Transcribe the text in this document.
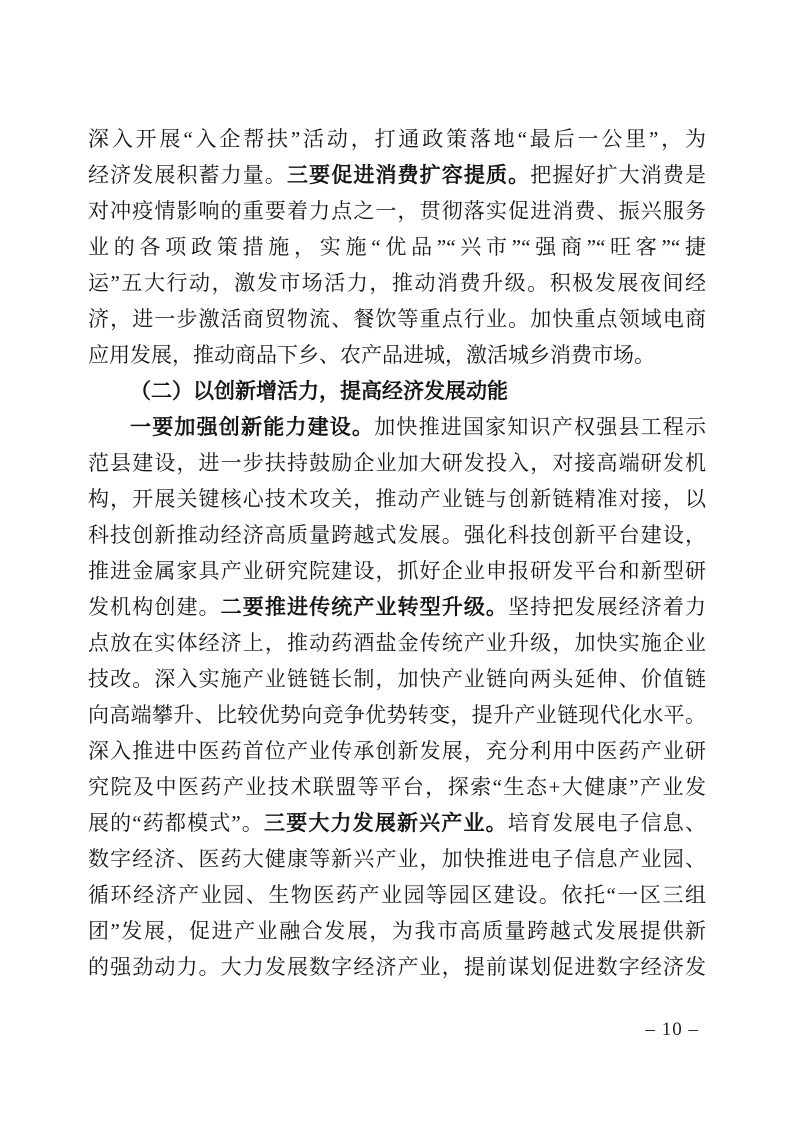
深入开展“入企帮扶”活动，打通政策落地“最后一公里”，为
经济发展积蓄力量。三要促进消费扩容提质。把握好扩大消费是
对冲疫情影响的重要着力点之一，贯彻落实促进消费、振兴服务
业的各项政策措施，实施“优品”“兴市”“强商”“旺客”“捷
运”五大行动，激发市场活力，推动消费升级。积极发展夜间经
济，进一步激活商贸物流、餐饮等重点行业。加快重点领域电商
应用发展，推动商品下乡、农产品进城，激活城乡消费市场。
（二）以创新增活力，提高经济发展动能
一要加强创新能力建设。加快推进国家知识产权强县工程示
范县建设，进一步扶持鼓励企业加大研发投入，对接高端研发机
构，开展关键核心技术攻关，推动产业链与创新链精准对接，以
科技创新推动经济高质量跨越式发展。强化科技创新平台建设，
推进金属家具产业研究院建设，抓好企业申报研发平台和新型研
发机构创建。二要推进传统产业转型升级。坚持把发展经济着力
点放在实体经济上，推动药酒盐金传统产业升级，加快实施企业
技改。深入实施产业链链长制，加快产业链向两头延伸、价值链
向高端攀升、比较优势向竞争优势转变，提升产业链现代化水平。
深入推进中医药首位产业传承创新发展，充分利用中医药产业研
究院及中医药产业技术联盟等平台，探索“生态+大健康”产业发
展的“药都模式”。三要大力发展新兴产业。培育发展电子信息、
数字经济、医药大健康等新兴产业，加快推进电子信息产业园、
循环经济产业园、生物医药产业园等园区建设。依托“一区三组
团”发展，促进产业融合发展，为我市高质量跨越式发展提供新
的强劲动力。大力发展数字经济产业，提前谋划促进数字经济发
– 10 –
